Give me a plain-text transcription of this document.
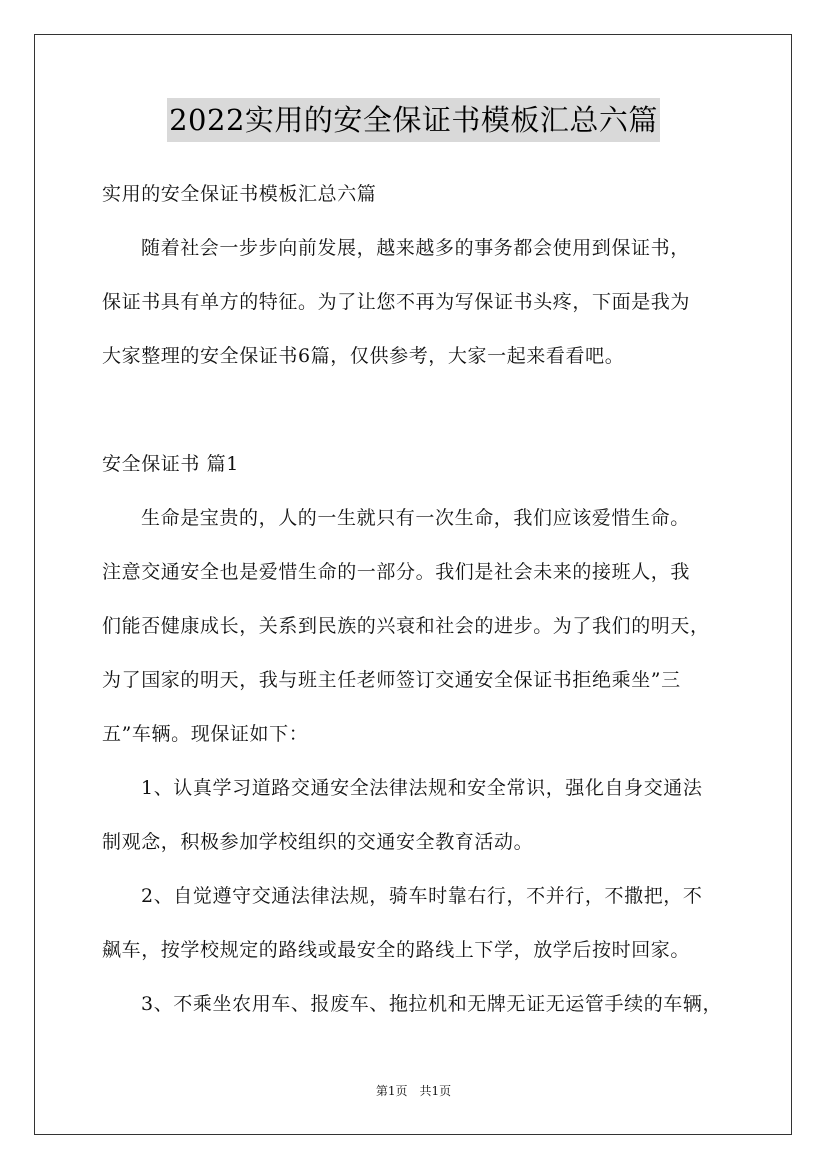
2022实用的安全保证书模板汇总六篇
实用的安全保证书模板汇总六篇
随着社会一步步向前发展，越来越多的事务都会使用到保证书，
保证书具有单方的特征。为了让您不再为写保证书头疼，下面是我为
大家整理的安全保证书6篇，仅供参考，大家一起来看看吧。
安全保证书 篇1
生命是宝贵的，人的一生就只有一次生命，我们应该爱惜生命。
注意交通安全也是爱惜生命的一部分。我们是社会未来的接班人，我
们能否健康成长，关系到民族的兴衰和社会的进步。为了我们的明天，
为了国家的明天，我与班主任老师签订交通安全保证书拒绝乘坐”三
五”车辆。现保证如下：
1、认真学习道路交通安全法律法规和安全常识，强化自身交通法
制观念，积极参加学校组织的交通安全教育活动。
2、自觉遵守交通法律法规，骑车时靠右行，不并行，不撒把，不
飙车，按学校规定的路线或最安全的路线上下学，放学后按时回家。
3、不乘坐农用车、报废车、拖拉机和无牌无证无运管手续的车辆，
第1页 共1页
